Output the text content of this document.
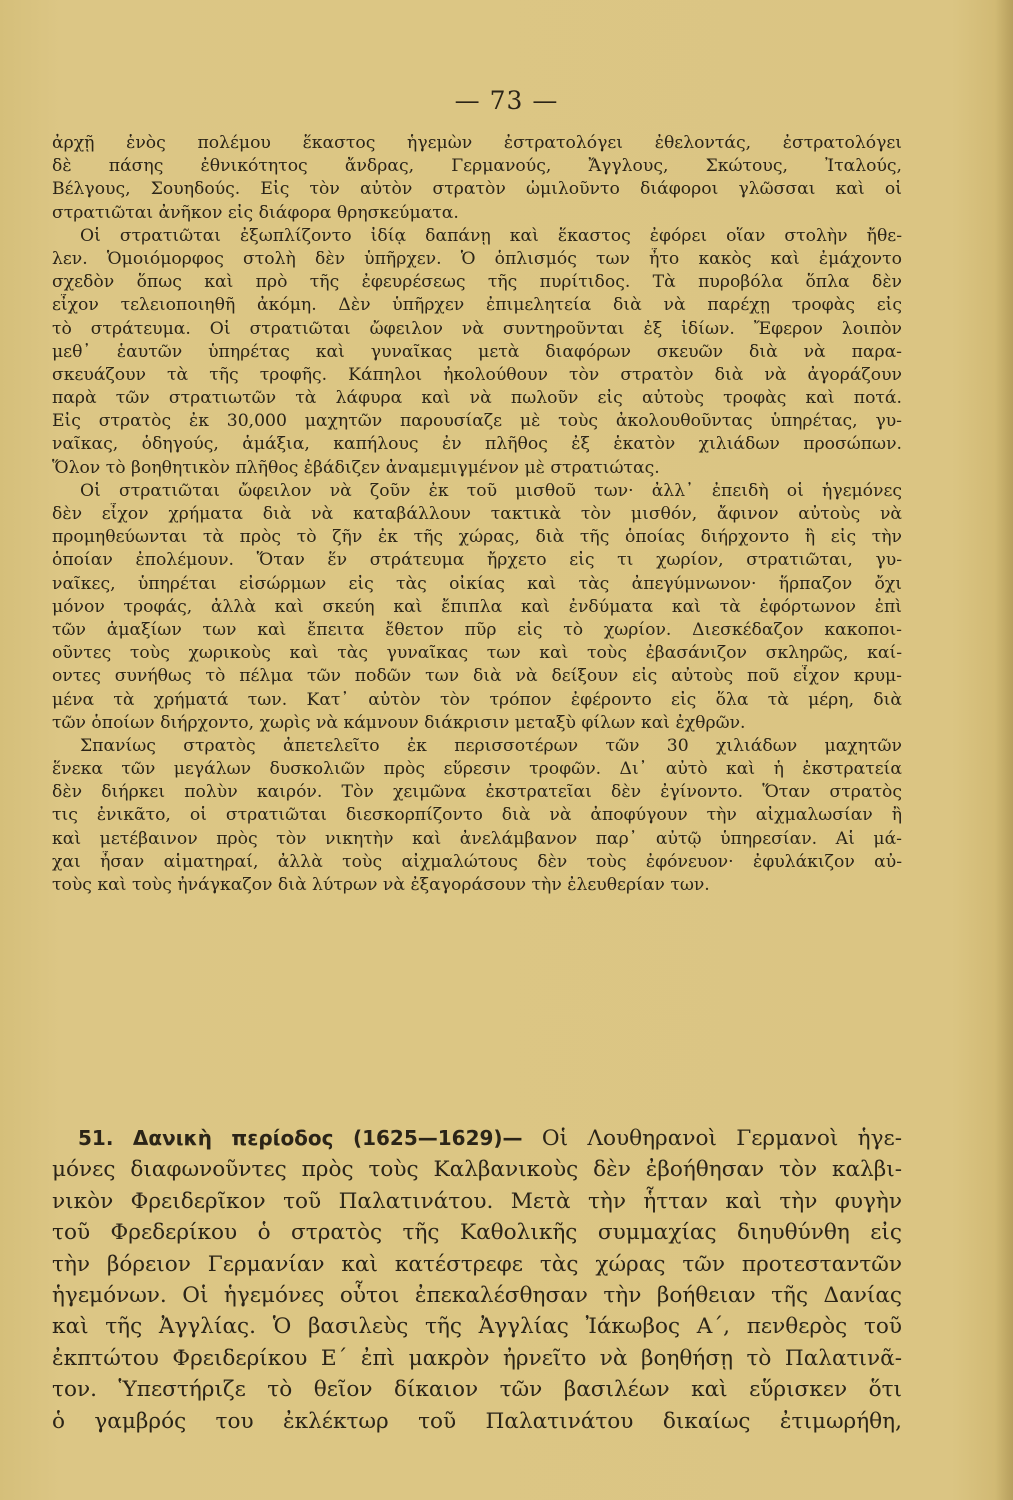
— 73 —
ἀρχῇ ἑνὸς πολέμου ἕκαστος ἡγεμὼν ἐστρατολόγει ἐθελοντάς, ἐστρατολόγει
δὲ πάσης ἐθνικότητος ἄνδρας, Γερμανούς, Ἄγγλους, Σκώτους, Ἰταλούς,
Βέλγους, Σουηδούς. Εἰς τὸν αὐτὸν στρατὸν ὡμιλοῦντο διάφοροι γλῶσσαι καὶ οἱ
στρατιῶται ἀνῆκον εἰς διάφορα θρησκεύματα.
Οἱ στρατιῶται ἐξωπλίζοντο ἰδίᾳ δαπάνῃ καὶ ἕκαστος ἐφόρει οἵαν στολὴν ἤθε-
λεν. Ὁμοιόμορφος στολὴ δὲν ὑπῆρχεν. Ὁ ὁπλισμός των ἦτο κακὸς καὶ ἐμάχοντο
σχεδὸν ὅπως καὶ πρὸ τῆς ἐφευρέσεως τῆς πυρίτιδος. Τὰ πυροβόλα ὅπλα δὲν
εἶχον τελειοποιηθῆ ἀκόμη. Δὲν ὑπῆρχεν ἐπιμελητεία διὰ νὰ παρέχῃ τροφὰς εἰς
τὸ στράτευμα. Οἱ στρατιῶται ὤφειλον νὰ συντηροῦνται ἐξ ἰδίων. Ἔφερον λοιπὸν
μεθ᾽ ἑαυτῶν ὑπηρέτας καὶ γυναῖκας μετὰ διαφόρων σκευῶν διὰ νὰ παρα-
σκευάζουν τὰ τῆς τροφῆς. Κάπηλοι ἠκολούθουν τὸν στρατὸν διὰ νὰ ἀγοράζουν
παρὰ τῶν στρατιωτῶν τὰ λάφυρα καὶ νὰ πωλοῦν εἰς αὐτοὺς τροφὰς καὶ ποτά.
Εἰς στρατὸς ἐκ 30,000 μαχητῶν παρουσίαζε μὲ τοὺς ἀκολουθοῦντας ὑπηρέτας, γυ-
ναῖκας, ὁδηγούς, ἁμάξια, καπήλους ἐν πλῆθος ἐξ ἑκατὸν χιλιάδων προσώπων.
Ὅλον τὸ βοηθητικὸν πλῆθος ἐβάδιζεν ἀναμεμιγμένον μὲ στρατιώτας.
Οἱ στρατιῶται ὤφειλον νὰ ζοῦν ἐκ τοῦ μισθοῦ των· ἀλλ᾽ ἐπειδὴ οἱ ἡγεμόνες
δὲν εἶχον χρήματα διὰ νὰ καταβάλλουν τακτικὰ τὸν μισθόν, ἄφινον αὐτοὺς νὰ
προμηθεύωνται τὰ πρὸς τὸ ζῆν ἐκ τῆς χώρας, διὰ τῆς ὁποίας διήρχοντο ἢ εἰς τὴν
ὁποίαν ἐπολέμουν. Ὅταν ἕν στράτευμα ἤρχετο εἰς τι χωρίον, στρατιῶται, γυ-
ναῖκες, ὑπηρέται εἰσώρμων εἰς τὰς οἰκίας καὶ τὰς ἀπεγύμνωνον· ἥρπαζον ὄχι
μόνον τροφάς, ἀλλὰ καὶ σκεύη καὶ ἔπιπλα καὶ ἐνδύματα καὶ τὰ ἐφόρτωνον ἐπὶ
τῶν ἁμαξίων των καὶ ἔπειτα ἔθετον πῦρ εἰς τὸ χωρίον. Διεσκέδαζον κακοποι-
οῦντες τοὺς χωρικοὺς καὶ τὰς γυναῖκας των καὶ τοὺς ἐβασάνιζον σκληρῶς, καί-
οντες συνήθως τὸ πέλμα τῶν ποδῶν των διὰ νὰ δείξουν εἰς αὐτοὺς ποῦ εἶχον κρυμ-
μένα τὰ χρήματά των. Κατ᾽ αὐτὸν τὸν τρόπον ἐφέροντο εἰς ὅλα τὰ μέρη, διὰ
τῶν ὁποίων διήρχοντο, χωρὶς νὰ κάμνουν διάκρισιν μεταξὺ φίλων καὶ ἐχθρῶν.
Σπανίως στρατὸς ἀπετελεῖτο ἐκ περισσοτέρων τῶν 30 χιλιάδων μαχητῶν
ἕνεκα τῶν μεγάλων δυσκολιῶν πρὸς εὕρεσιν τροφῶν. Δι᾽ αὐτὸ καὶ ἡ ἐκστρατεία
δὲν διήρκει πολὺν καιρόν. Τὸν χειμῶνα ἐκστρατεῖαι δὲν ἐγίνοντο. Ὅταν στρατὸς
τις ἐνικᾶτο, οἱ στρατιῶται διεσκορπίζοντο διὰ νὰ ἀποφύγουν τὴν αἰχμαλωσίαν ἢ
καὶ μετέβαινον πρὸς τὸν νικητὴν καὶ ἀνελάμβανον παρ᾽ αὐτῷ ὑπηρεσίαν. Αἱ μά-
χαι ἦσαν αἱματηραί, ἀλλὰ τοὺς αἰχμαλώτους δὲν τοὺς ἐφόνευον· ἐφυλάκιζον αὐ-
τοὺς καὶ τοὺς ἠνάγκαζον διὰ λύτρων νὰ ἐξαγοράσουν τὴν ἐλευθερίαν των.
51. Δανικὴ περίοδος (1625—1629)— Οἱ Λουθηρανοὶ Γερμανοὶ ἡγε-
μόνες διαφωνοῦντες πρὸς τοὺς Καλβανικοὺς δὲν ἐβοήθησαν τὸν καλβι-
νικὸν Φρειδερῖκον τοῦ Παλατινάτου. Μετὰ τὴν ἧτταν καὶ τὴν φυγὴν
τοῦ Φρεδερίκου ὁ στρατὸς τῆς Καθολικῆς συμμαχίας διηυθύνθη εἰς
τὴν βόρειον Γερμανίαν καὶ κατέστρεφε τὰς χώρας τῶν προτεσταντῶν
ἡγεμόνων. Οἱ ἡγεμόνες οὗτοι ἐπεκαλέσθησαν τὴν βοήθειαν τῆς Δανίας
καὶ τῆς Ἀγγλίας. Ὁ βασιλεὺς τῆς Ἀγγλίας Ἰάκωβος Α´, πενθερὸς τοῦ
ἐκπτώτου Φρειδερίκου Ε´ ἐπὶ μακρὸν ἠρνεῖτο νὰ βοηθήσῃ τὸ Παλατινᾶ-
τον. Ὑπεστήριζε τὸ θεῖον δίκαιον τῶν βασιλέων καὶ εὕρισκεν ὅτι
ὁ γαμβρός του ἐκλέκτωρ τοῦ Παλατινάτου δικαίως ἐτιμωρήθη,
